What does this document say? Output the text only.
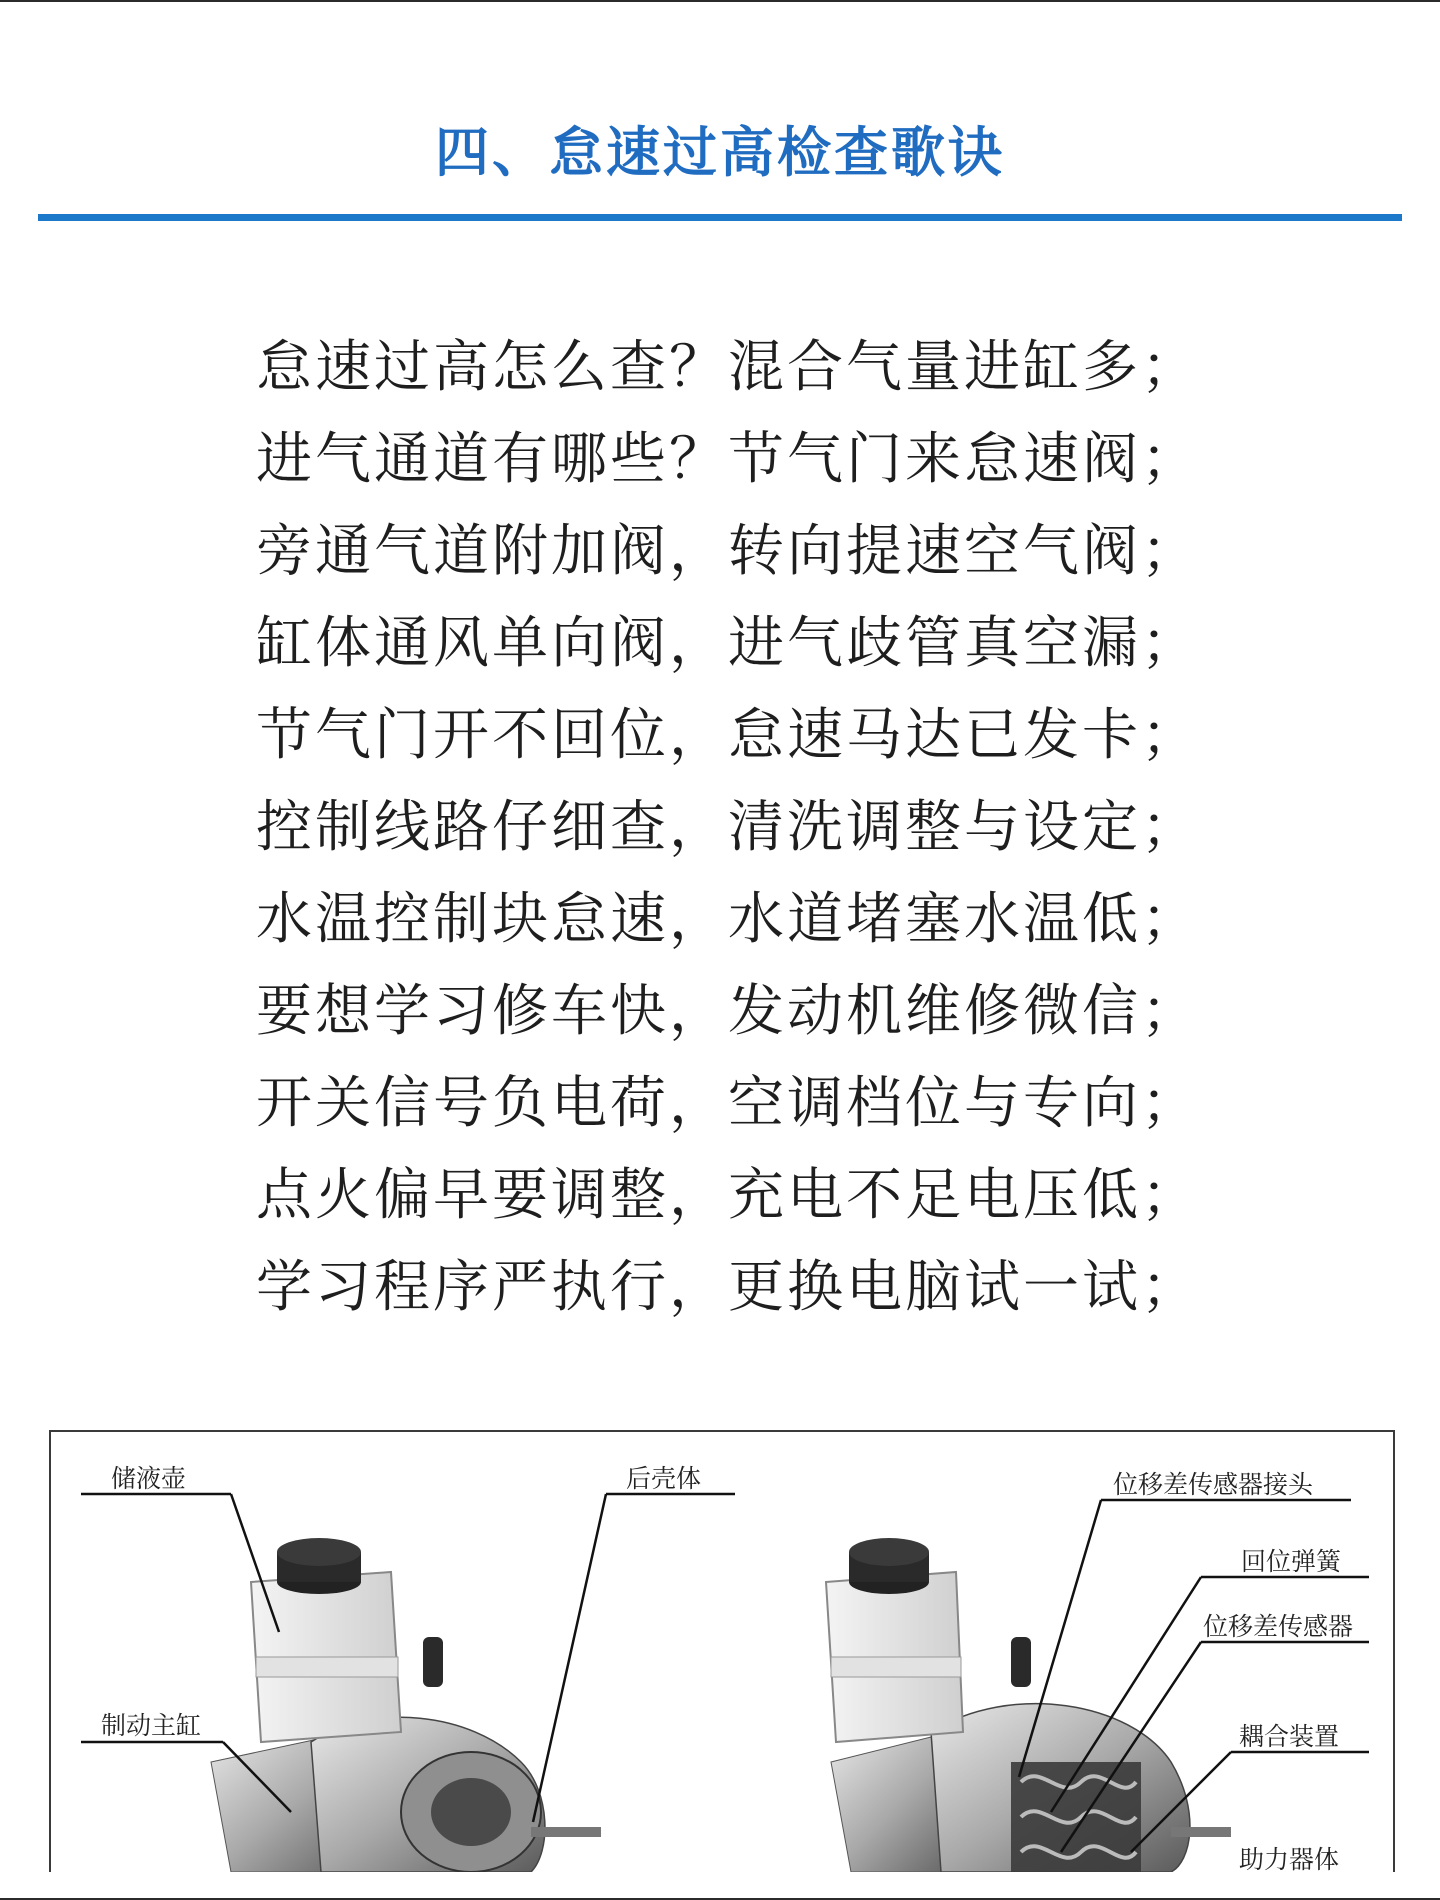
四、怠速过高检查歌诀
怠速过高怎么查？混合气量进缸多；
进气通道有哪些？节气门来怠速阀；
旁通气道附加阀，转向提速空气阀；
缸体通风单向阀，进气歧管真空漏；
节气门开不回位，怠速马达已发卡；
控制线路仔细查，清洗调整与设定；
水温控制块怠速，水道堵塞水温低；
要想学习修车快，发动机维修微信；
开关信号负电荷，空调档位与专向；
点火偏早要调整，充电不足电压低；
学习程序严执行，更换电脑试一试；
储液壶	后壳体
制动主缸
位移差传感器接头
回位弹簧
位移差传感器
耦合装置
助力器体
